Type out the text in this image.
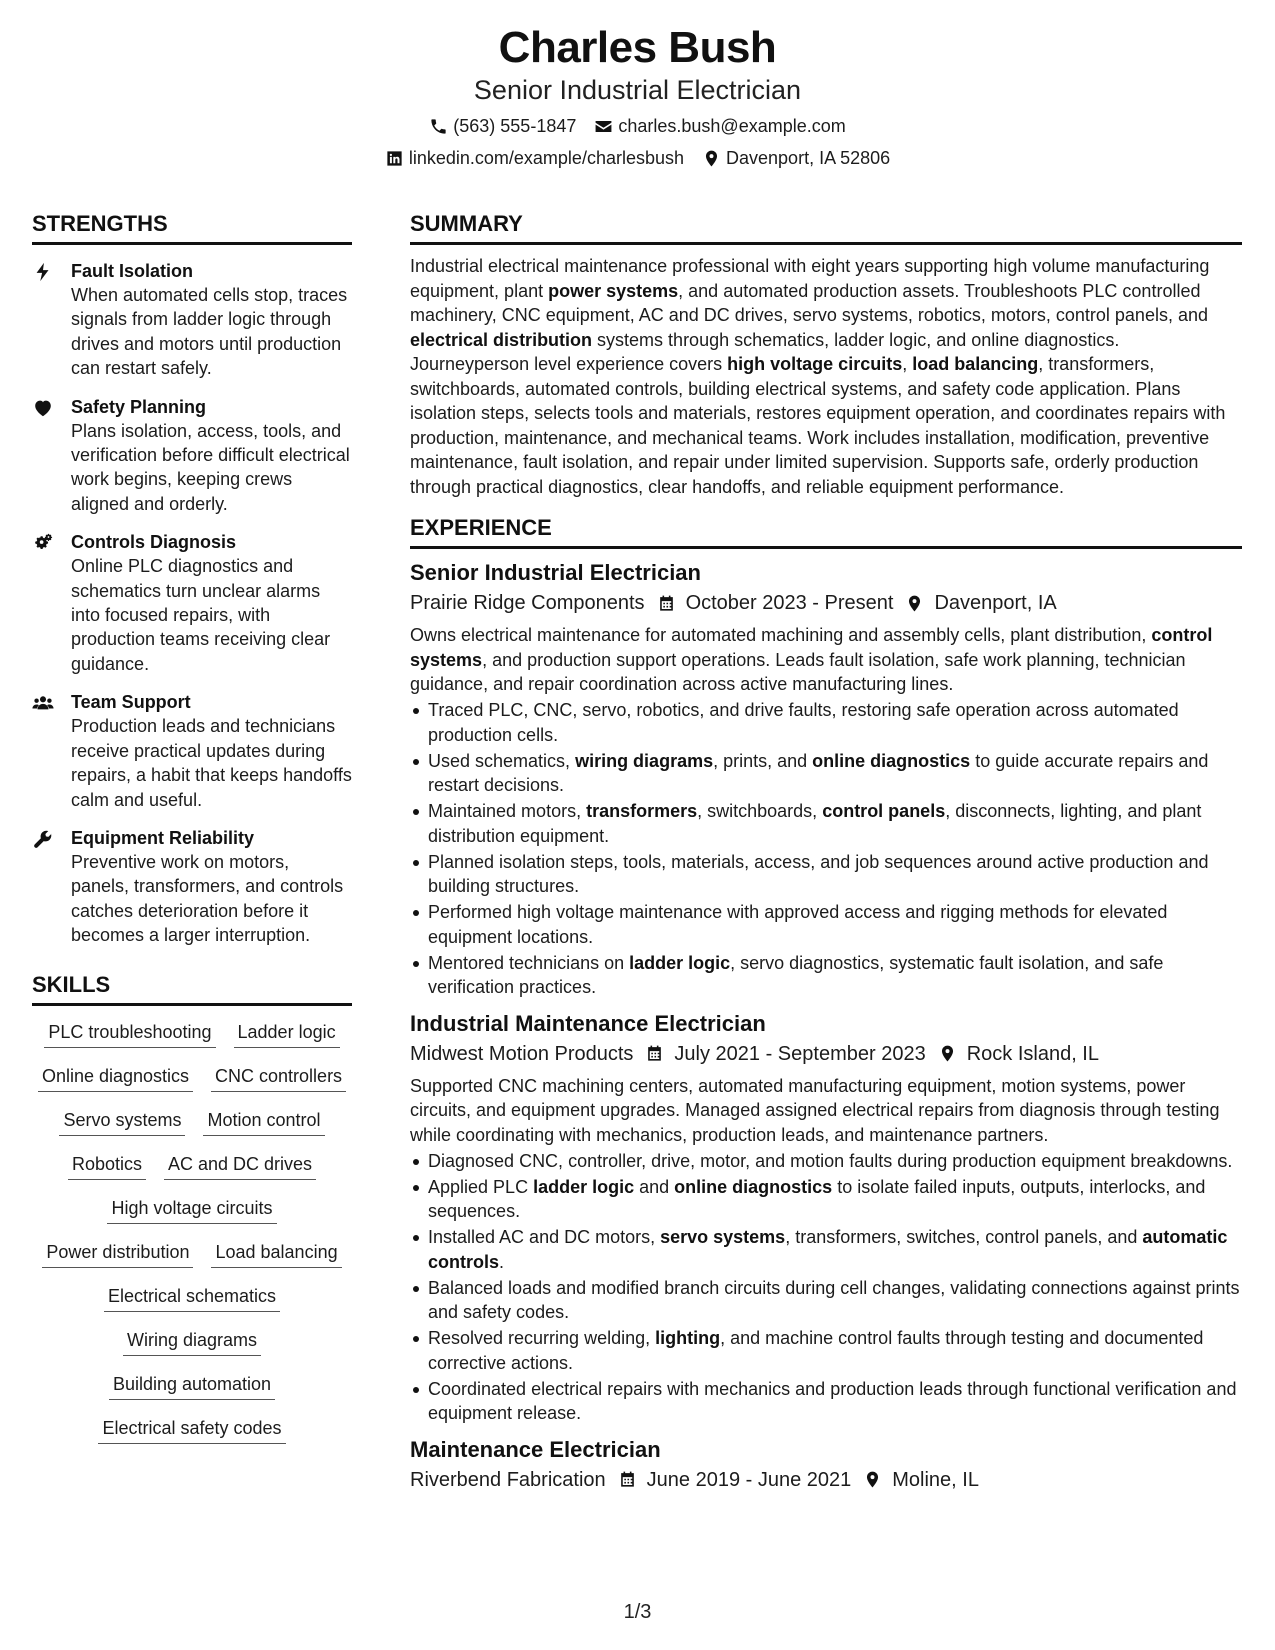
Charles Bush
Senior Industrial Electrician
(563) 555-1847 charles.bush@example.com
linkedin.com/example/charlesbush Davenport, IA 52806
STRENGTHS
Fault Isolation
When automated cells stop, traces signals from ladder logic through drives and motors until production can restart safely.
Safety Planning
Plans isolation, access, tools, and verification before difficult electrical work begins, keeping crews aligned and orderly.
Controls Diagnosis
Online PLC diagnostics and schematics turn unclear alarms into focused repairs, with production teams receiving clear guidance.
Team Support
Production leads and technicians receive practical updates during repairs, a habit that keeps handoffs calm and useful.
Equipment Reliability
Preventive work on motors, panels, transformers, and controls catches deterioration before it becomes a larger interruption.
SKILLS
PLC troubleshooting Ladder logic
Online diagnostics CNC controllers
Servo systems Motion control
Robotics AC and DC drives
High voltage circuits
Power distribution Load balancing
Electrical schematics
Wiring diagrams
Building automation
Electrical safety codes
SUMMARY
Industrial electrical maintenance professional with eight years supporting high volume manufacturing equipment, plant power systems, and automated production assets. Troubleshoots PLC controlled machinery, CNC equipment, AC and DC drives, servo systems, robotics, motors, control panels, and electrical distribution systems through schematics, ladder logic, and online diagnostics. Journeyperson level experience covers high voltage circuits, load balancing, transformers, switchboards, automated controls, building electrical systems, and safety code application. Plans isolation steps, selects tools and materials, restores equipment operation, and coordinates repairs with production, maintenance, and mechanical teams. Work includes installation, modification, preventive maintenance, fault isolation, and repair under limited supervision. Supports safe, orderly production through practical diagnostics, clear handoffs, and reliable equipment performance.
EXPERIENCE
Senior Industrial Electrician
Prairie Ridge Components October 2023 - Present Davenport, IA
Owns electrical maintenance for automated machining and assembly cells, plant distribution, control systems, and production support operations. Leads fault isolation, safe work planning, technician guidance, and repair coordination across active manufacturing lines.
Traced PLC, CNC, servo, robotics, and drive faults, restoring safe operation across automated production cells.
Used schematics, wiring diagrams, prints, and online diagnostics to guide accurate repairs and restart decisions.
Maintained motors, transformers, switchboards, control panels, disconnects, lighting, and plant distribution equipment.
Planned isolation steps, tools, materials, access, and job sequences around active production and building structures.
Performed high voltage maintenance with approved access and rigging methods for elevated equipment locations.
Mentored technicians on ladder logic, servo diagnostics, systematic fault isolation, and safe verification practices.
Industrial Maintenance Electrician
Midwest Motion Products July 2021 - September 2023 Rock Island, IL
Supported CNC machining centers, automated manufacturing equipment, motion systems, power circuits, and equipment upgrades. Managed assigned electrical repairs from diagnosis through testing while coordinating with mechanics, production leads, and maintenance partners.
Diagnosed CNC, controller, drive, motor, and motion faults during production equipment breakdowns.
Applied PLC ladder logic and online diagnostics to isolate failed inputs, outputs, interlocks, and sequences.
Installed AC and DC motors, servo systems, transformers, switches, control panels, and automatic controls.
Balanced loads and modified branch circuits during cell changes, validating connections against prints and safety codes.
Resolved recurring welding, lighting, and machine control faults through testing and documented corrective actions.
Coordinated electrical repairs with mechanics and production leads through functional verification and equipment release.
Maintenance Electrician
Riverbend Fabrication June 2019 - June 2021 Moline, IL
1/3
